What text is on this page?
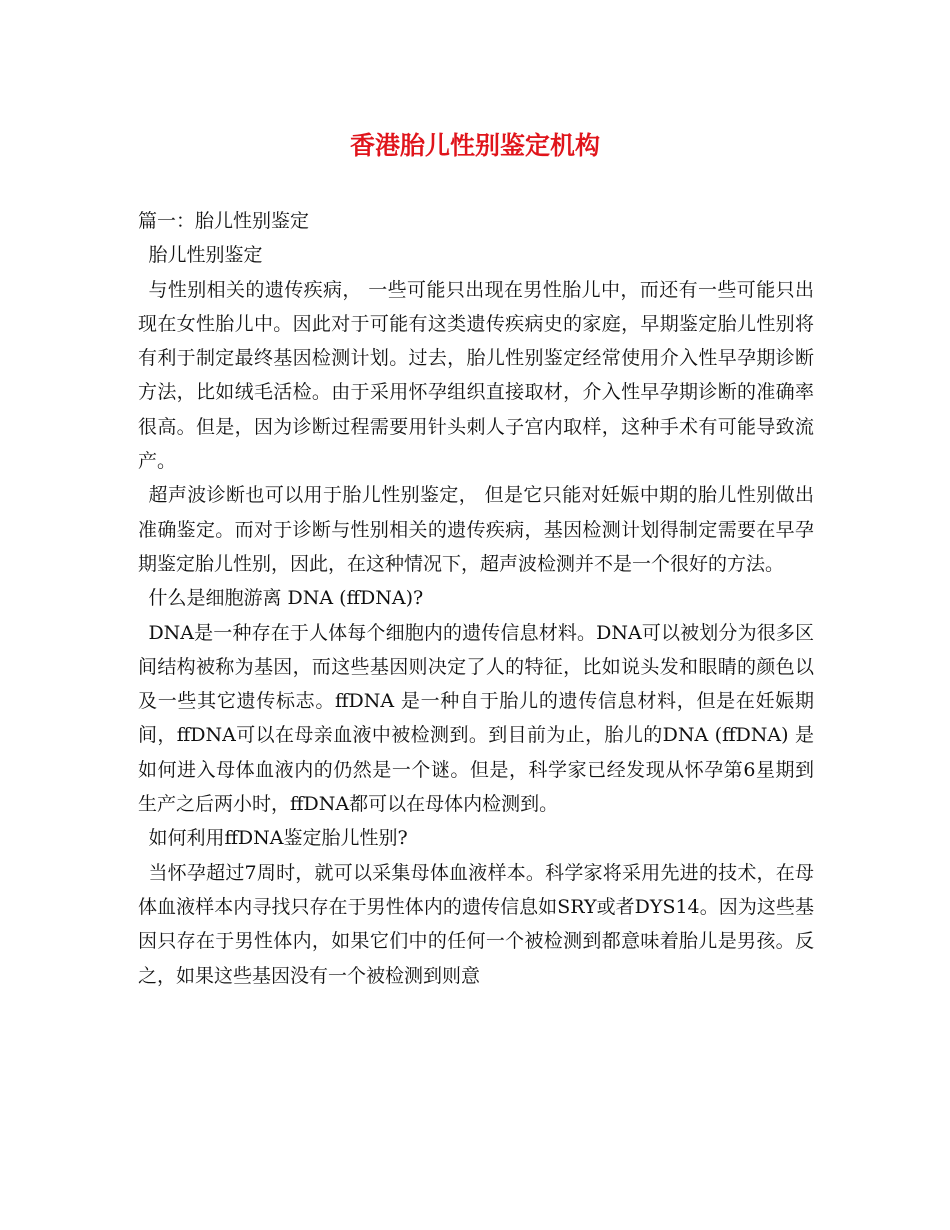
香港胎儿性别鉴定机构

篇一：胎儿性别鉴定

胎儿性别鉴定

与性别相关的遗传疾病， 一些可能只出现在男性胎儿中，而还有一些可能只出现在女性胎儿中。因此对于可能有这类遗传疾病史的家庭，早期鉴定胎儿性别将有利于制定最终基因检测计划。过去，胎儿性别鉴定经常使用介入性早孕期诊断方法，比如绒毛活检。由于采用怀孕组织直接取材，介入性早孕期诊断的准确率很高。但是，因为诊断过程需要用针头刺人子宫内取样，这种手术有可能导致流产。

超声波诊断也可以用于胎儿性别鉴定， 但是它只能对妊娠中期的胎儿性别做出准确鉴定。而对于诊断与性别相关的遗传疾病，基因检测计划得制定需要在早孕期鉴定胎儿性别，因此，在这种情况下，超声波检测并不是一个很好的方法。

什么是细胞游离 DNA (ffDNA)?

DNA是一种存在于人体每个细胞内的遗传信息材料。DNA可以被划分为很多区间结构被称为基因，而这些基因则决定了人的特征，比如说头发和眼睛的颜色以及一些其它遗传标志。ffDNA 是一种自于胎儿的遗传信息材料，但是在妊娠期间，ffDNA可以在母亲血液中被检测到。到目前为止，胎儿的DNA (ffDNA) 是如何进入母体血液内的仍然是一个谜。但是，科学家已经发现从怀孕第6星期到生产之后两小时，ffDNA都可以在母体内检测到。

如何利用ffDNA鉴定胎儿性别?

当怀孕超过7周时，就可以采集母体血液样本。科学家将采用先进的技术，在母体血液样本内寻找只存在于男性体内的遗传信息如SRY或者DYS14。因为这些基因只存在于男性体内，如果它们中的任何一个被检测到都意味着胎儿是男孩。反之，如果这些基因没有一个被检测到则意
